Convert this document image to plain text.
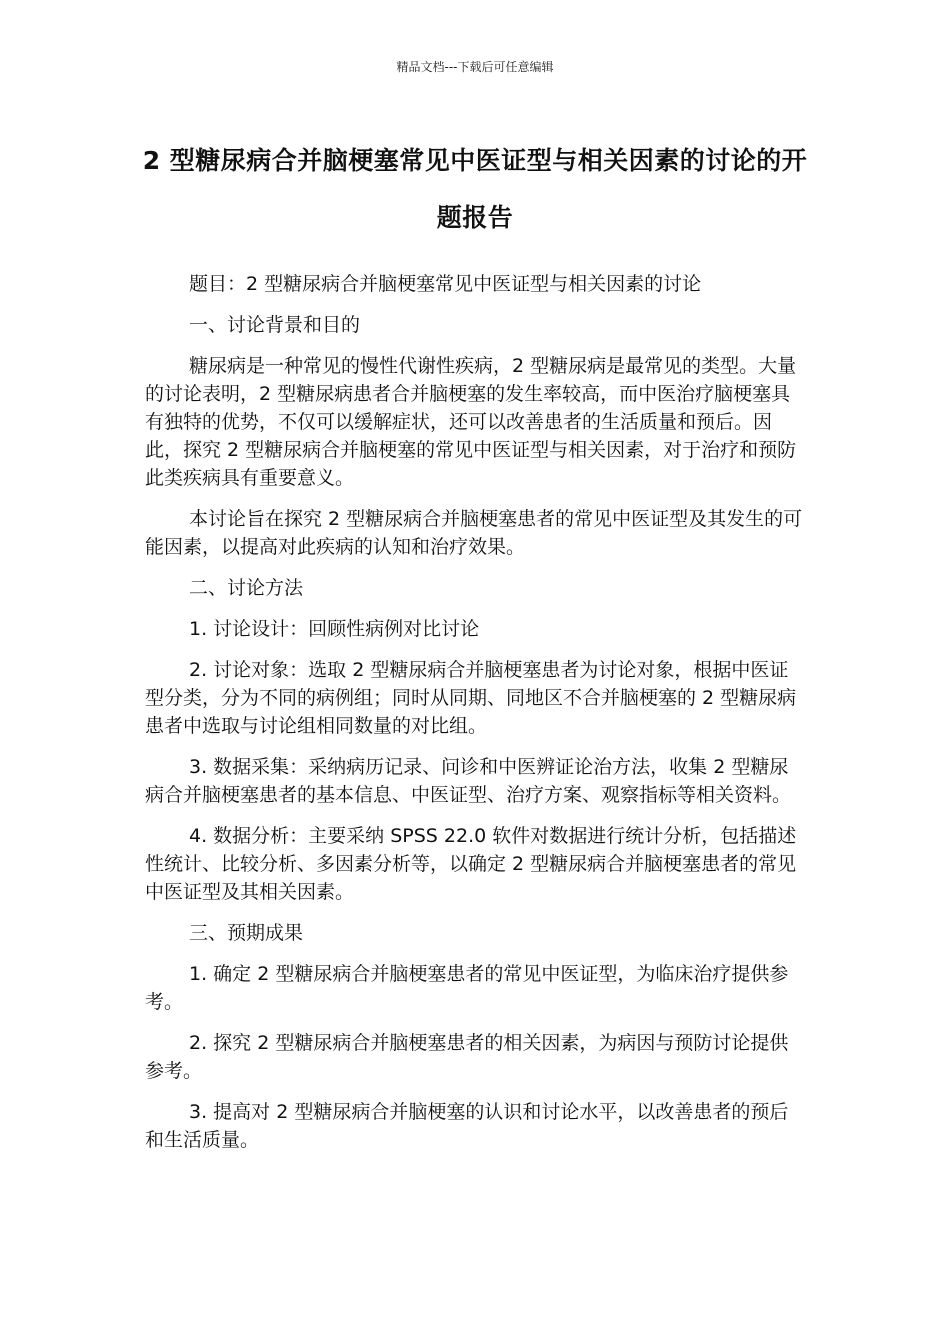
精品文档---下载后可任意编辑
2 型糖尿病合并脑梗塞常见中医证型与相关因素的讨论的开题报告

题目：2 型糖尿病合并脑梗塞常见中医证型与相关因素的讨论

一、讨论背景和目的

糖尿病是一种常见的慢性代谢性疾病，2 型糖尿病是最常见的类型。大量的讨论表明，2 型糖尿病患者合并脑梗塞的发生率较高，而中医治疗脑梗塞具有独特的优势，不仅可以缓解症状，还可以改善患者的生活质量和预后。因此，探究 2 型糖尿病合并脑梗塞的常见中医证型与相关因素，对于治疗和预防此类疾病具有重要意义。

本讨论旨在探究 2 型糖尿病合并脑梗塞患者的常见中医证型及其发生的可能因素，以提高对此疾病的认知和治疗效果。

二、讨论方法

1. 讨论设计：回顾性病例对比讨论

2. 讨论对象：选取 2 型糖尿病合并脑梗塞患者为讨论对象，根据中医证型分类，分为不同的病例组；同时从同期、同地区不合并脑梗塞的 2 型糖尿病患者中选取与讨论组相同数量的对比组。

3. 数据采集：采纳病历记录、问诊和中医辨证论治方法，收集 2 型糖尿病合并脑梗塞患者的基本信息、中医证型、治疗方案、观察指标等相关资料。

4. 数据分析：主要采纳 SPSS 22.0 软件对数据进行统计分析，包括描述性统计、比较分析、多因素分析等，以确定 2 型糖尿病合并脑梗塞患者的常见中医证型及其相关因素。

三、预期成果

1. 确定 2 型糖尿病合并脑梗塞患者的常见中医证型，为临床治疗提供参考。

2. 探究 2 型糖尿病合并脑梗塞患者的相关因素，为病因与预防讨论提供参考。

3. 提高对 2 型糖尿病合并脑梗塞的认识和讨论水平，以改善患者的预后和生活质量。
